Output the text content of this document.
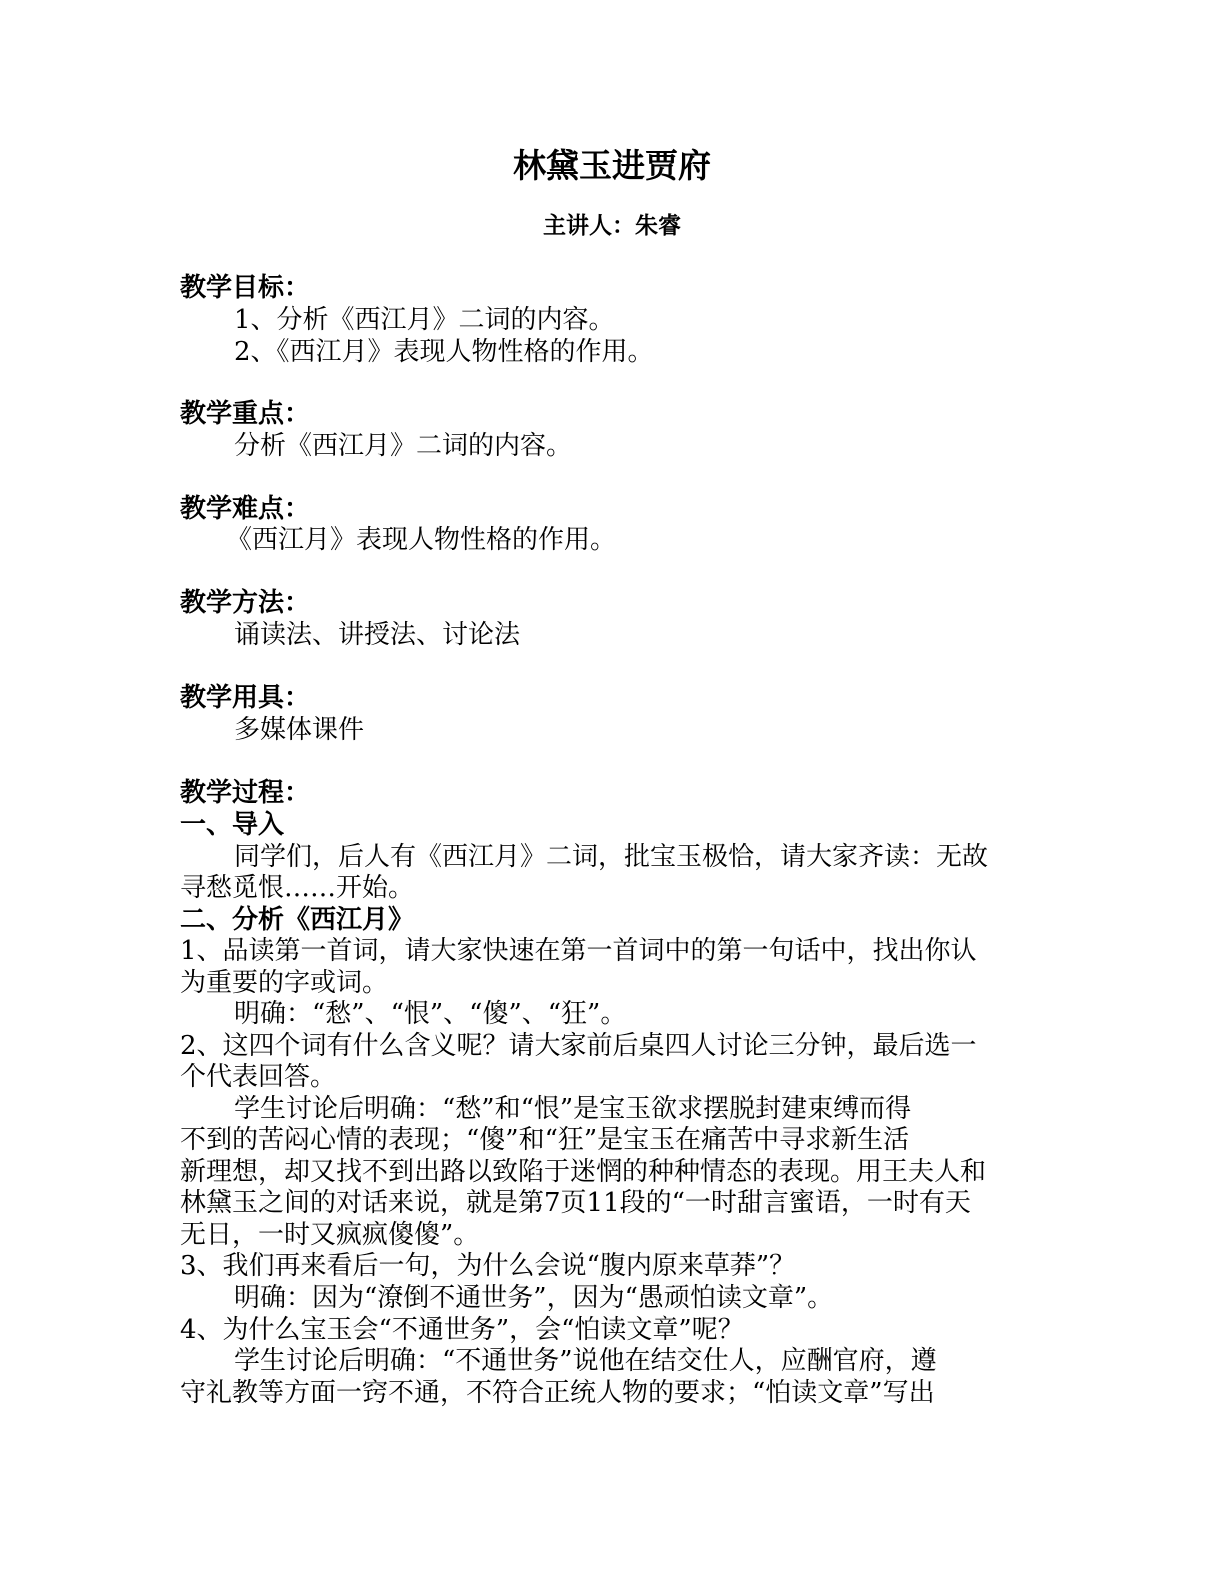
林黛玉进贾府
主讲人：朱睿
教学目标：
1、分析《西江月》二词的内容。
2、《西江月》表现人物性格的作用。
教学重点：
分析《西江月》二词的内容。
教学难点：
《西江月》表现人物性格的作用。
教学方法：
诵读法、讲授法、讨论法
教学用具：
多媒体课件
教学过程：
一、导入
同学们，后人有《西江月》二词，批宝玉极恰，请大家齐读：无故
寻愁觅恨……开始。
二、分析《西江月》
1、品读第一首词，请大家快速在第一首词中的第一句话中，找出你认
为重要的字或词。
明确：“愁”、“恨”、“傻”、“狂”。
2、这四个词有什么含义呢？请大家前后桌四人讨论三分钟，最后选一
个代表回答。
学生讨论后明确：“愁”和“恨”是宝玉欲求摆脱封建束缚而得
不到的苦闷心情的表现；“傻”和“狂”是宝玉在痛苦中寻求新生活
新理想，却又找不到出路以致陷于迷惘的种种情态的表现。用王夫人和
林黛玉之间的对话来说，就是第7页11段的“一时甜言蜜语，一时有天
无日，一时又疯疯傻傻”。
3、我们再来看后一句，为什么会说“腹内原来草莽”？
明确：因为“潦倒不通世务”，因为“愚顽怕读文章”。
4、为什么宝玉会“不通世务”，会“怕读文章”呢？
学生讨论后明确：“不通世务”说他在结交仕人，应酬官府，遵
守礼教等方面一窍不通，不符合正统人物的要求；“怕读文章”写出
